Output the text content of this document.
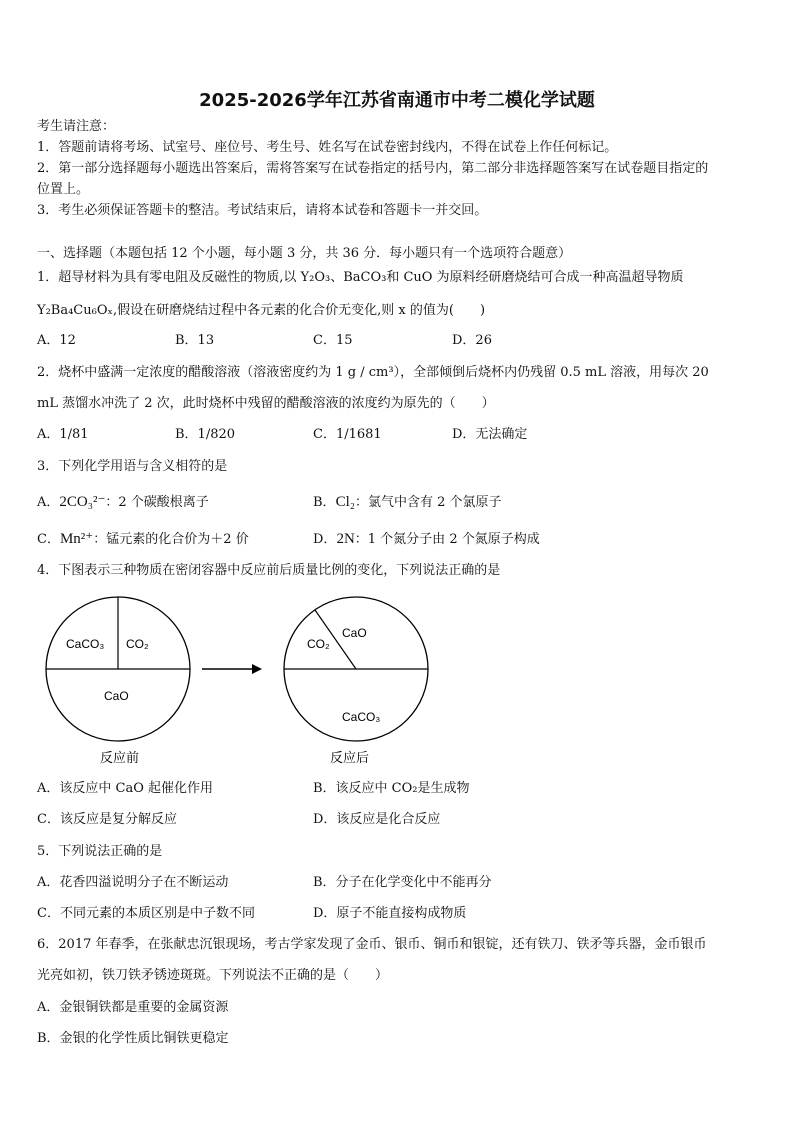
2025-2026学年江苏省南通市中考二模化学试题
考生请注意：
1．答题前请将考场、试室号、座位号、考生号、姓名写在试卷密封线内，不得在试卷上作任何标记。
2．第一部分选择题每小题选出答案后，需将答案写在试卷指定的括号内，第二部分非选择题答案写在试卷题目指定的
位置上。
3．考生必须保证答题卡的整洁。考试结束后，请将本试卷和答题卡一并交回。
一、选择题（本题包括 12 个小题，每小题 3 分，共 36 分．每小题只有一个选项符合题意）
1．超导材料为具有零电阻及反磁性的物质,以 Y₂O₃、BaCO₃和 CuO 为原料经研磨烧结可合成一种高温超导物质
Y₂Ba₄Cu₆Oₓ,假设在研磨烧结过程中各元素的化合价无变化,则 x 的值为(　　)
A．12	B．13	C．15	D．26
2．烧杯中盛满一定浓度的醋酸溶液（溶液密度约为 1 g / cm³），全部倾倒后烧杯内仍残留 0.5 mL 溶液，用每次 20
mL 蒸馏水冲洗了 2 次，此时烧杯中残留的醋酸溶液的浓度约为原先的（　　）
A．1/81	B．1/820	C．1/1681	D．无法确定
3．下列化学用语与含义相符的是
A．2CO₃²⁻：2 个碳酸根离子	B．Cl₂：氯气中含有 2 个氯原子
C．Mn²⁺：锰元素的化合价为＋2 价	D．2N：1 个氮分子由 2 个氮原子构成
4．下图表示三种物质在密闭容器中反应前后质量比例的变化，下列说法正确的是
CaCO₃ CO₂
CaO
反应前
CO₂
CaO
CaCO₃
反应后
A．该反应中 CaO 起催化作用	B．该反应中 CO₂是生成物
C．该反应是复分解反应	D．该反应是化合反应
5．下列说法正确的是
A．花香四溢说明分子在不断运动	B．分子在化学变化中不能再分
C．不同元素的本质区别是中子数不同	D．原子不能直接构成物质
6．2017 年春季，在张献忠沉银现场，考古学家发现了金币、银币、铜币和银锭，还有铁刀、铁矛等兵器，金币银币
光亮如初，铁刀铁矛锈迹斑斑。下列说法不正确的是（　　）
A．金银铜铁都是重要的金属资源
B．金银的化学性质比铜铁更稳定
